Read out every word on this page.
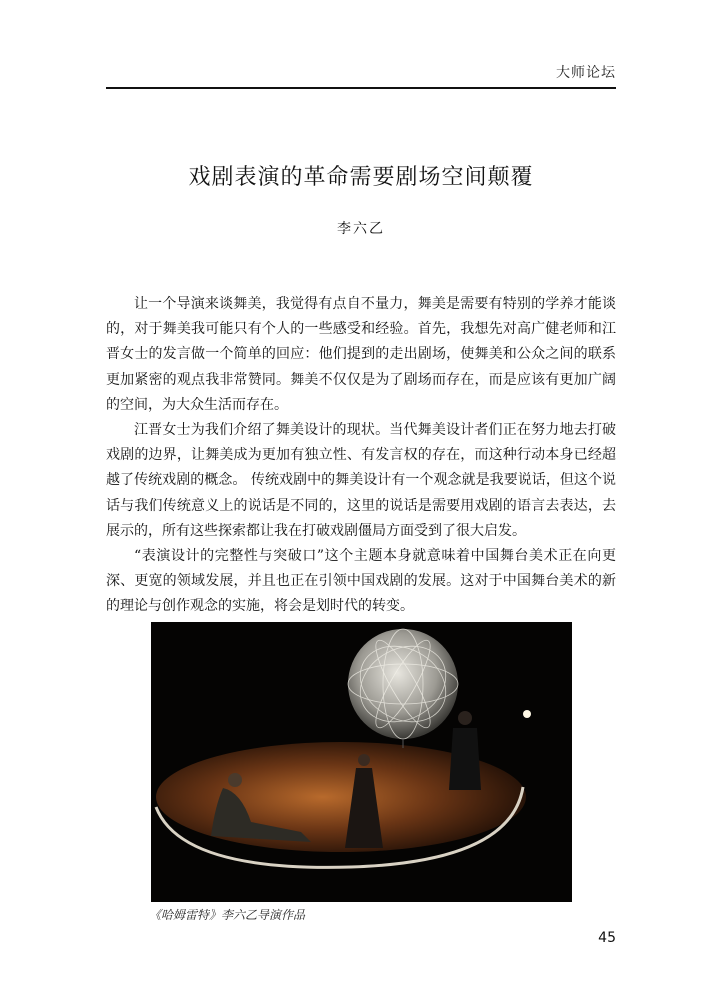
大师论坛
戏剧表演的革命需要剧场空间颠覆
李六乙

让一个导演来谈舞美，我觉得有点自不量力，舞美是需要有特别的学养才能谈的，对于舞美我可能只有个人的一些感受和经验。首先，我想先对高广健老师和江晋女士的发言做一个简单的回应：他们提到的走出剧场，使舞美和公众之间的联系更加紧密的观点我非常赞同。舞美不仅仅是为了剧场而存在，而是应该有更加广阔的空间，为大众生活而存在。

江晋女士为我们介绍了舞美设计的现状。当代舞美设计者们正在努力地去打破戏剧的边界，让舞美成为更加有独立性、有发言权的存在，而这种行动本身已经超越了传统戏剧的概念。 传统戏剧中的舞美设计有一个观念就是我要说话，但这个说话与我们传统意义上的说话是不同的，这里的说话是需要用戏剧的语言去表达，去展示的，所有这些探索都让我在打破戏剧僵局方面受到了很大启发。

“表演设计的完整性与突破口”这个主题本身就意味着中国舞台美术正在向更深、更宽的领域发展，并且也正在引领中国戏剧的发展。这对于中国舞台美术的新的理论与创作观念的实施，将会是划时代的转变。

《哈姆雷特》李六乙导演作品
45
